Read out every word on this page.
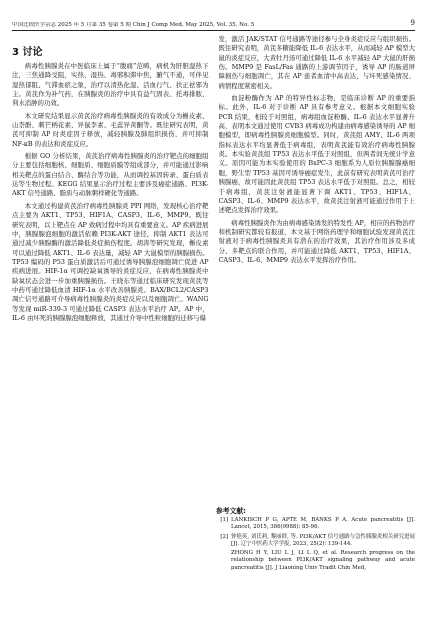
中国比较医学杂志 2025 年 5 月第 35 卷第 5 期 Chin J Comp Med, May 2025, Vol. 35, No. 5	9
3 讨论

病毒性胰腺炎在中医临床上属于“腹痛”范畴，病机为肝胆湿热下注，三焦通降受阻，实热、湿热、毒邪积滞中焦，腑气不通，可伴见湿热郁阻、气滞血瘀之象，治疗以清热化湿、活血行气、扶正祛邪为主。黄芪作为补气药，在胰腺炎的治疗中具有益气固表、托毒排脓、利水消肿的功效。

本文研究结果显示黄芪治疗病毒性胰腺炎的有效成分为槲皮素、山柰酚、刺芒柄花素、异鼠李素、毛蕊异黄酮等。既往研究表明，黄芪可抑制 AP 时炎症因子释放，减轻胰腺及肺组织损伤，并可抑制 NF-κB 的表达和炎症反应。

根据 GO 分析结果，黄芪治疗病毒性胰腺炎的治疗靶点的细胞组分主要包括细胞核、细胞质、细胞质膜等组成部分，并可能通过影响相关靶点的蛋白结合、酶结合等功能，从而调控基因转录、蛋白质表达等生物过程。KEGG 结果显示治疗过程主要涉及癌症通路、PI3K-AKT 信号通路、脂质与动脉粥样硬化等通路。

本文通过构建黄芪治疗病毒性胰腺炎 PPI 网络，发现核心治疗靶点主要为 AKT1、TP53、HIF1A、CASP3、IL-6、MMP9。既往研究表明，以上靶点在 AP 致病过程中均具有重要意义。AP 疾病进展中，胰腺腺泡细胞的激活依赖 PI3K-AKT 途径，抑制 AKT1 表达可通过减少胰腺酶的激活降低炎症损伤程度。胡涛等研究发现，槲皮素可以通过降低 AKT1、IL-6 表达量，减轻 AP 大鼠模型的胰腺损伤。TP53 编码的 P53 蛋白质激活后可通过诱导胰腺泡细胞凋亡促进 AP 疾病进展。HIF-1α 可调控缺氧诱导的炎症反应，在病毒性胰腺炎中缺氧状态会进一步加重胰腺损伤。王晓东等通过临床研究发现黄芪等中药可通过降低血清 HIF-1α 水平改善胰腺炎。BAX/BCL2/CASP3 凋亡信号通路可介导病毒性胰腺炎的炎症反应以及细胞凋亡。WANG 等发现 miR-339-3 可通过降低 CASP3 表达水平治疗 AP。AP 中，IL-6 由坏死的胰腺腺泡细胞释放，其通过介导中性粒细胞的迁移与爆

发，激活 JAK/STAT 信号通路等途径参与全身炎症反应与组织损伤。既往研究表明，黄芪多糖能降低 IL-6 表达水平，从而减轻 AP 模型大鼠的炎症反应，大黄牡丹汤可通过降低 IL-6 水平减轻 AP 大鼠的肝损伤。MMP9 是 FasL/Fas 通路的上游调节因子，诱导 AP 的肠道屏障损伤与细胞凋亡，其在 AP 患者血清中高表达，与坏死感染情况、病情程度紧密相关。

血淀粉酶作为 AP 的特异性标志物，是临床诊断 AP 的重要指标。此外，IL-6 对于诊断 AP 具有参考意义。根据本文细胞实验 PCR 结果，相较于对照组，病毒组血淀粉酶、IL-6 表达水平显著升高，表明本文通过使用 CVB3 病毒成功构建由病毒感染诱导的 AP 细胞模型，即病毒性胰腺炎细胞模型。同时，黄芪组 AMY、IL-6 两项指标表达水平均显著低于病毒组，表明黄芪能有效治疗病毒性胰腺炎。本实验黄芪组 TP53 表达水平低于对照组，但两者间无统计学意义。原因可能为本实验使用的 BxPC-3 细胞系为人原位胰腺腺癌细胞，野生型 TP53 基因可诱导癌症发生，此前有研究表明黄芪可治疗胰腺癌，故可能因此黄芪组 TP53 表达水平低于对照组。总之，相较于病毒组，黄芪注射液能显著下调 AKT1、TP53、HIF1A、CASP3、IL-6、MMP9 表达水平，故黄芪注射液可能通过作用于上述靶点发挥治疗效果。

病毒性胰腺炎作为由病毒感染诱发的特发性 AP，相应的药物治疗和机制研究都较有报道，本文基于网络药理学和细胞试验发现黄芪注射液对于病毒性胰腺炎具有潜在的治疗效果，其治疗作用涉及多成分、多靶点的联合作用，并可能通过降低 AKT1、TP53、HIF1A、CASP3、IL-6、MMP9 表达水平发挥治疗作用。

参考文献:
[1] LANKISCH P G, APTE M, BANKS P A. Acute pancreatitis [J]. Lancet, 2015, 386(9988): 85-96.
[2] 钟艳英, 刘氏莉, 黎丽群, 等. PI3K/AKT 信号通路与急性胰腺炎相关研究进展 [J]. 辽宁中医药大学学报, 2023, 25(2): 139-144.
ZHONG H Y, LIU L J, LI L Q, et al. Research progress on the relationship between PI3K/AKT signaling pathway and acute pancreatitis [J]. J Liaoning Univ Tradit Chin Med,
